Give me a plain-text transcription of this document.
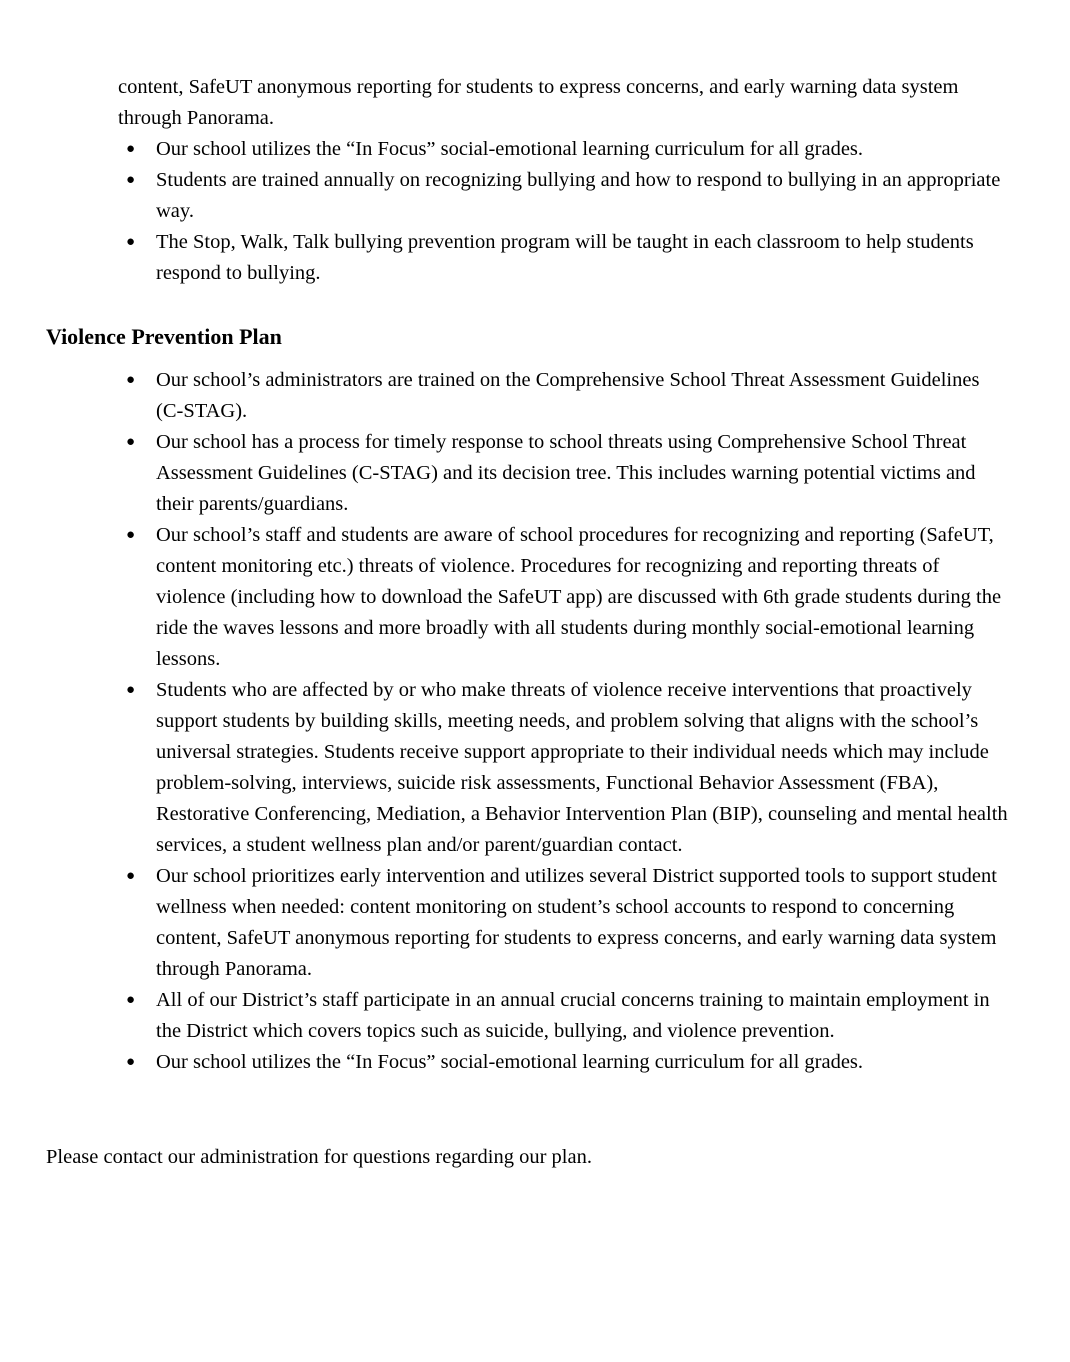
content, SafeUT anonymous reporting for students to express concerns, and early warning data system through Panorama.

● Our school utilizes the “In Focus” social-emotional learning curriculum for all grades.
● Students are trained annually on recognizing bullying and how to respond to bullying in an appropriate way.
● The Stop, Walk, Talk bullying prevention program will be taught in each classroom to help students respond to bullying.
Violence Prevention Plan
● Our school’s administrators are trained on the Comprehensive School Threat Assessment Guidelines (C-STAG).
● Our school has a process for timely response to school threats using Comprehensive School Threat Assessment Guidelines (C-STAG) and its decision tree. This includes warning potential victims and their parents/guardians.
● Our school’s staff and students are aware of school procedures for recognizing and reporting (SafeUT, content monitoring etc.) threats of violence. Procedures for recognizing and reporting threats of violence (including how to download the SafeUT app) are discussed with 6th grade students during the ride the waves lessons and more broadly with all students during monthly social-emotional learning lessons.
● Students who are affected by or who make threats of violence receive interventions that proactively support students by building skills, meeting needs, and problem solving that aligns with the school’s universal strategies. Students receive support appropriate to their individual needs which may include problem-solving, interviews, suicide risk assessments, Functional Behavior Assessment (FBA), Restorative Conferencing, Mediation, a Behavior Intervention Plan (BIP), counseling and mental health services, a student wellness plan and/or parent/guardian contact.
● Our school prioritizes early intervention and utilizes several District supported tools to support student wellness when needed: content monitoring on student’s school accounts to respond to concerning content, SafeUT anonymous reporting for students to express concerns, and early warning data system through Panorama.
● All of our District’s staff participate in an annual crucial concerns training to maintain employment in the District which covers topics such as suicide, bullying, and violence prevention.
● Our school utilizes the “In Focus” social-emotional learning curriculum for all grades.

Please contact our administration for questions regarding our plan.
